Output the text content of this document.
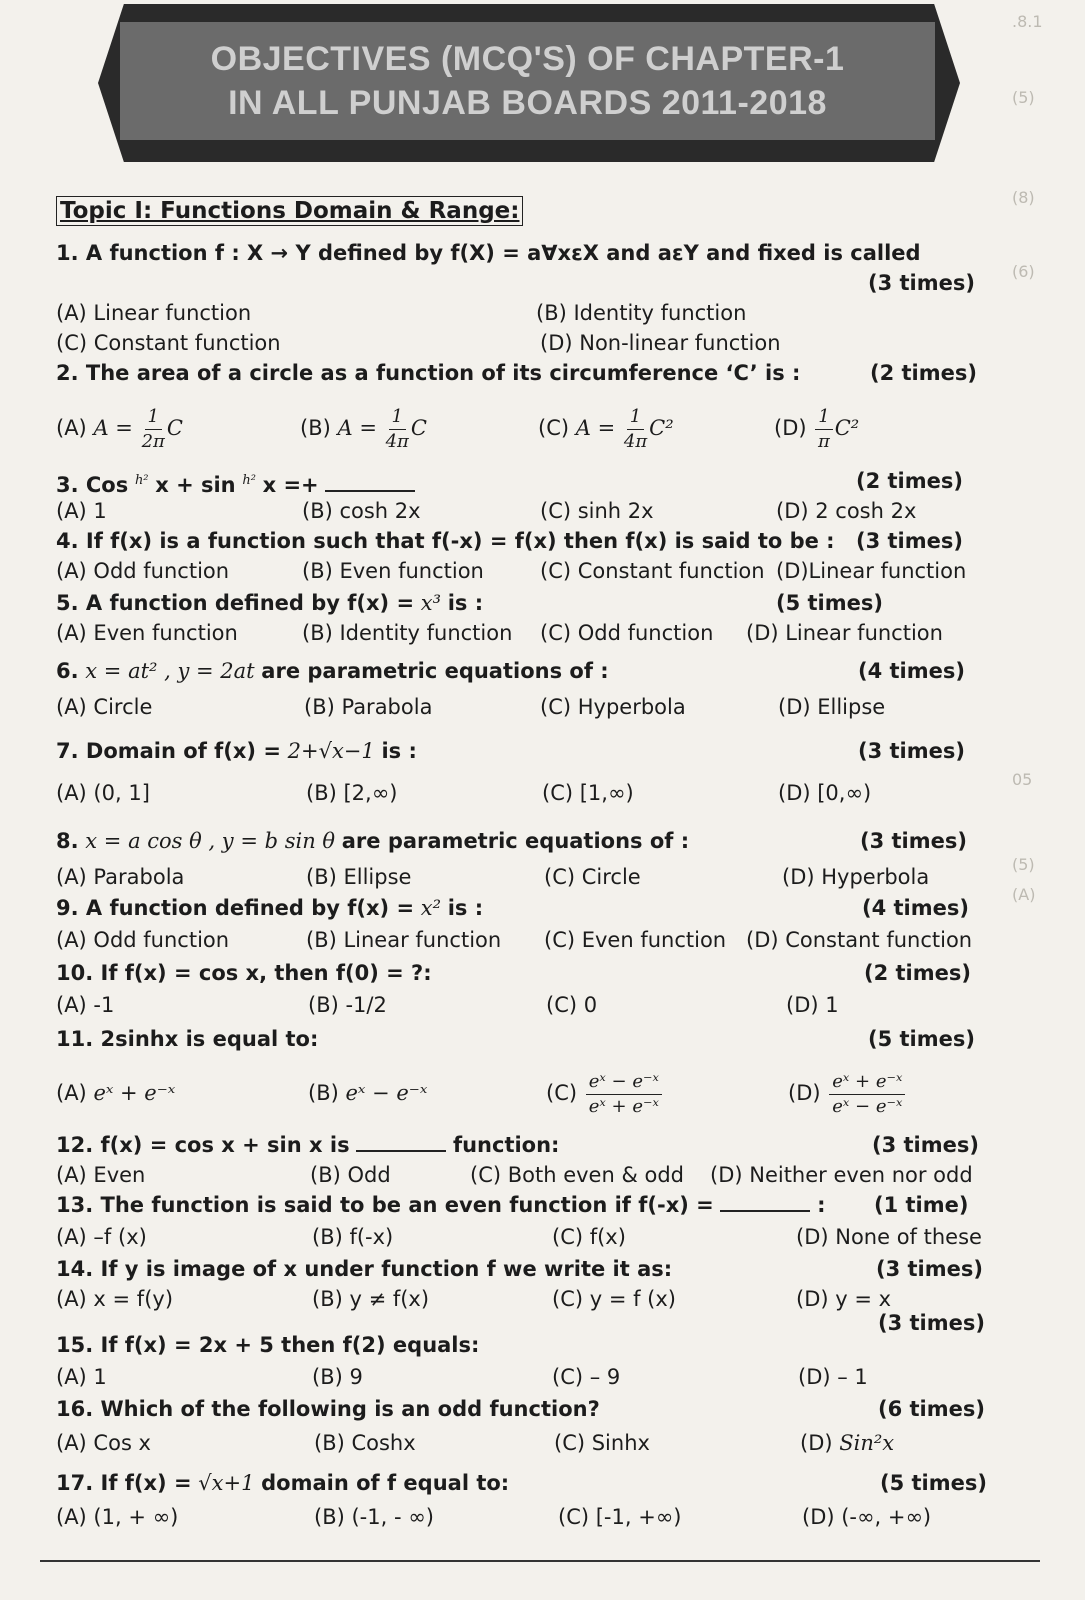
OBJECTIVES (MCQ'S) OF CHAPTER-1
IN ALL PUNJAB BOARDS 2011-2018
.8.1
(5)
(8)
(6)
05
(5)
(A)
Topic I: Functions Domain & Range:
1. A function f : X → Y defined by f(X) = a∀xεX and aεY and fixed is called
(3 times)
(A) Linear function	(B) Identity function
(C) Constant function	(D) Non-linear function
2. The area of a circle as a function of its circumference ‘C’ is :	(2 times)
(A) $A = \frac{1}{2\pi}$ C	(B) $A = \frac{1}{4\pi}$ C	(C) $A = \frac{1}{4\pi} C^2$	$(D) \frac{1}{\pi} C^2$
3. Cos $^{h^2}$ x + sin $^{h^2}$ x =+	(2 times)
(A) 1	(B) cosh 2x	(C) sinh 2x	(D) 2 cosh 2x
4. If f(x) is a function such that f(-x) = f(x) then f(x) is said to be : (3 times)
(A) Odd function	(B) Even function	(C) Constant function (D)Linear function
5. A function defined by f(x) = x³ is :	(5 times)
(A) Even function	(B) Identity function (C) Odd function (D) Linear function
6. x = at² , y = 2at are parametric equations of :	(4 times)
(A) Circle	(B) Parabola	(C) Hyperbola	(D) Ellipse
7. Domain of f(x) = 2+√x−1 is :	(3 times)
(A) (0, 1]	(B) [2,∞)	(C) [1,∞)	(D) [0,∞)
8. x = a cos θ , y = b sin θ are parametric equations of :	(3 times)
(A) Parabola	(B) Ellipse	(C) Circle	(D) Hyperbola
9. A function defined by f(x) = x² is :	(4 times)
(A) Odd function	(B) Linear function (C) Even function (D) Constant function
10. If f(x) = cos x, then f(0) = ?:	(2 times)
(A) -1	(B) -1/2	(C) 0	(D) 1
11. 2sinhx is equal to:	(5 times)
(A) eˣ + e⁻ˣ	(B) eˣ − e⁻ˣ	$(C) \frac{\text{eˣ − e⁻ˣ}}{\text{eˣ + e⁻ˣ}}$	$(D) \frac{\text{eˣ + e⁻ˣ}}{\text{eˣ − e⁻ˣ}}$
12. f(x) = cos x + sin x is	function:	(3 times)
(A) Even	(B) Odd	(C) Both even & odd (D) Neither even nor odd
13. The function is said to be an even function if f(-x) =	: (1 time)
(A) –f (x)	(B) f(-x)	(C) f(x)	(D) None of these
14. If y is image of x under function f we write it as:	(3 times)
(A) x = f(y)	(B) y ≠ f(x)	(C) y = f (x)	(D) y = x
(3 times)
15. If f(x) = 2x + 5 then f(2) equals:
(A) 1	(B) 9	(C) – 9	(D) – 1
16. Which of the following is an odd function?	(6 times)
(A) Cos x	(B) Coshx	(C) Sinhx	(D) Sin²x
17. If f(x) = √x+1 domain of f equal to:	(5 times)
(A) (1, + ∞)	(B) (-1, - ∞)	(C) [-1, +∞)	(D) (-∞, +∞)
